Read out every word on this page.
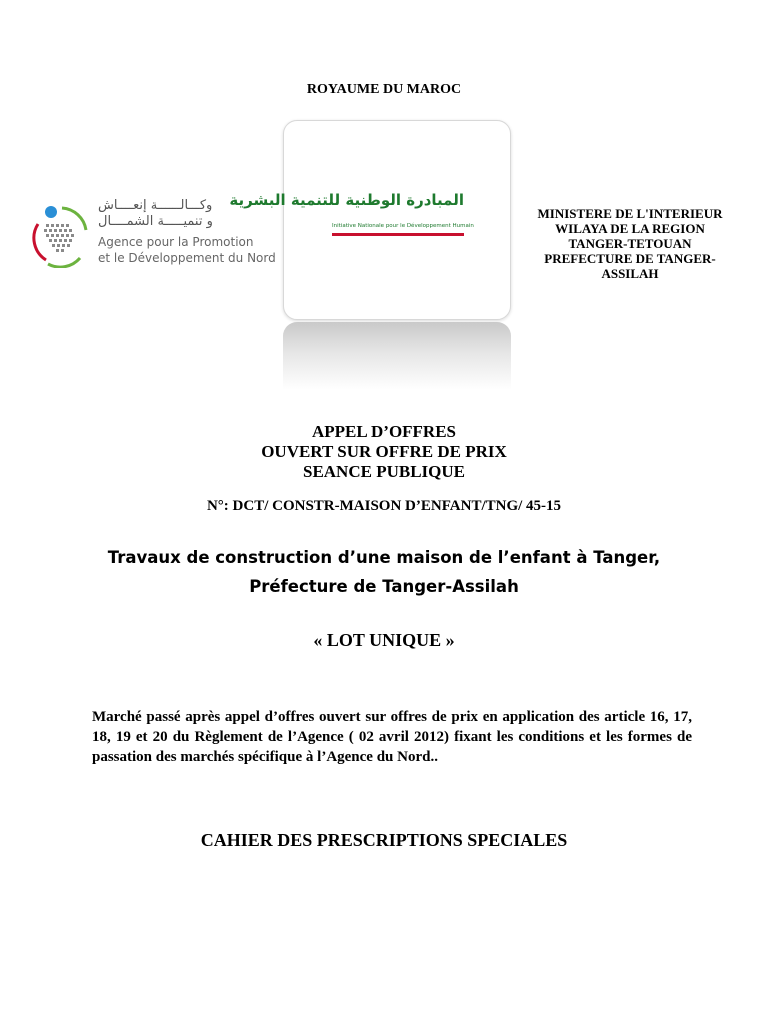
ROYAUME DU MAROC
وكـــالــــــة إنعــــاش
و تنميـــــة الشمــــال
Agence pour la Promotion
et le Développement du Nord
المبادرة الوطنية للتنمية البشرية
Initiative Nationale pour le Développement Humain
MINISTERE DE L'INTERIEUR
WILAYA DE LA REGION
TANGER-TETOUAN
PREFECTURE DE TANGER-
ASSILAH
APPEL D’OFFRES
OUVERT SUR OFFRE DE PRIX
SEANCE PUBLIQUE
N°: DCT/ CONSTR-MAISON D’ENFANT/TNG/ 45-15
Travaux de construction d’une maison de l’enfant à Tanger,
Préfecture de Tanger-Assilah
« LOT UNIQUE »
Marché passé après appel d’offres ouvert sur offres de prix en application des article 16, 17, 18, 19 et 20 du Règlement de l’Agence ( 02 avril 2012) fixant les conditions et les formes de passation des marchés spécifique à l’Agence du Nord..
CAHIER DES PRESCRIPTIONS SPECIALES
